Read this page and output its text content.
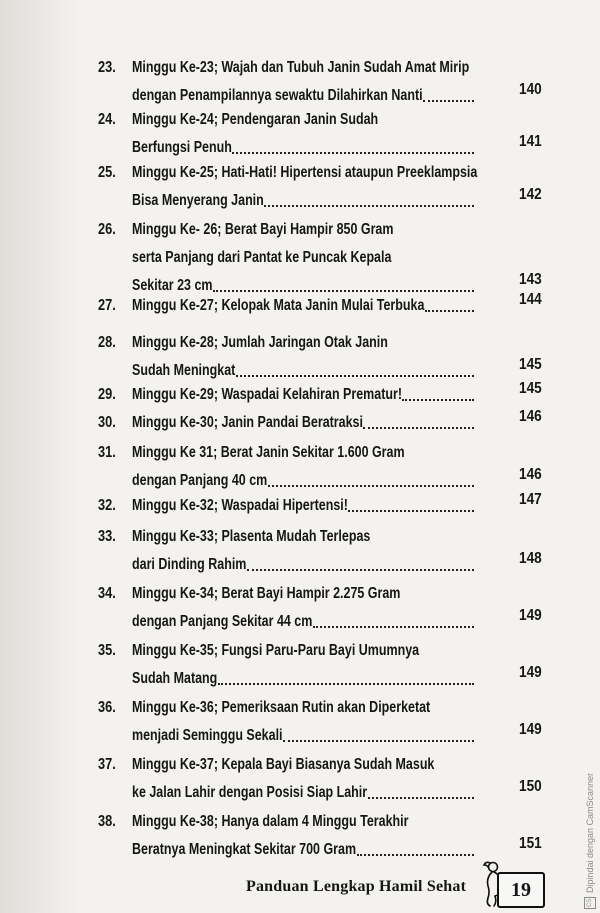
23. Minggu Ke-23; Wajah dan Tubuh Janin Sudah Amat Mirip
dengan Penampilannya sewaktu Dilahirkan Nanti	140
24. Minggu Ke-24; Pendengaran Janin Sudah
Berfungsi Penuh	141
25. Minggu Ke-25; Hati-Hati! Hipertensi ataupun Preeklampsia
Bisa Menyerang Janin	142
26. Minggu Ke- 26; Berat Bayi Hampir 850 Gram
serta Panjang dari Pantat ke Puncak Kepala
Sekitar 23 cm	143
27. Minggu Ke-27; Kelopak Mata Janin Mulai Terbuka	144
28. Minggu Ke-28; Jumlah Jaringan Otak Janin
Sudah Meningkat	145
29. Minggu Ke-29; Waspadai Kelahiran Prematur!	145
30. Minggu Ke-30; Janin Pandai Beratraksi	146
31. Minggu Ke 31; Berat Janin Sekitar 1.600 Gram
dengan Panjang 40 cm	146
32. Minggu Ke-32; Waspadai Hipertensi!	147
33. Minggu Ke-33; Plasenta Mudah Terlepas
dari Dinding Rahim	148
34. Minggu Ke-34; Berat Bayi Hampir 2.275 Gram
dengan Panjang Sekitar 44 cm	149
35. Minggu Ke-35; Fungsi Paru-Paru Bayi Umumnya
Sudah Matang	149
36. Minggu Ke-36; Pemeriksaan Rutin akan Diperketat
menjadi Seminggu Sekali	149
37. Minggu Ke-37; Kepala Bayi Biasanya Sudah Masuk
ke Jalan Lahir dengan Posisi Siap Lahir	150
38. Minggu Ke-38; Hanya dalam 4 Minggu Terakhir
Beratnya Meningkat Sekitar 700 Gram	151
Panduan Lengkap Hamil Sehat	19
CS
Dipindai dengan CamScanner
